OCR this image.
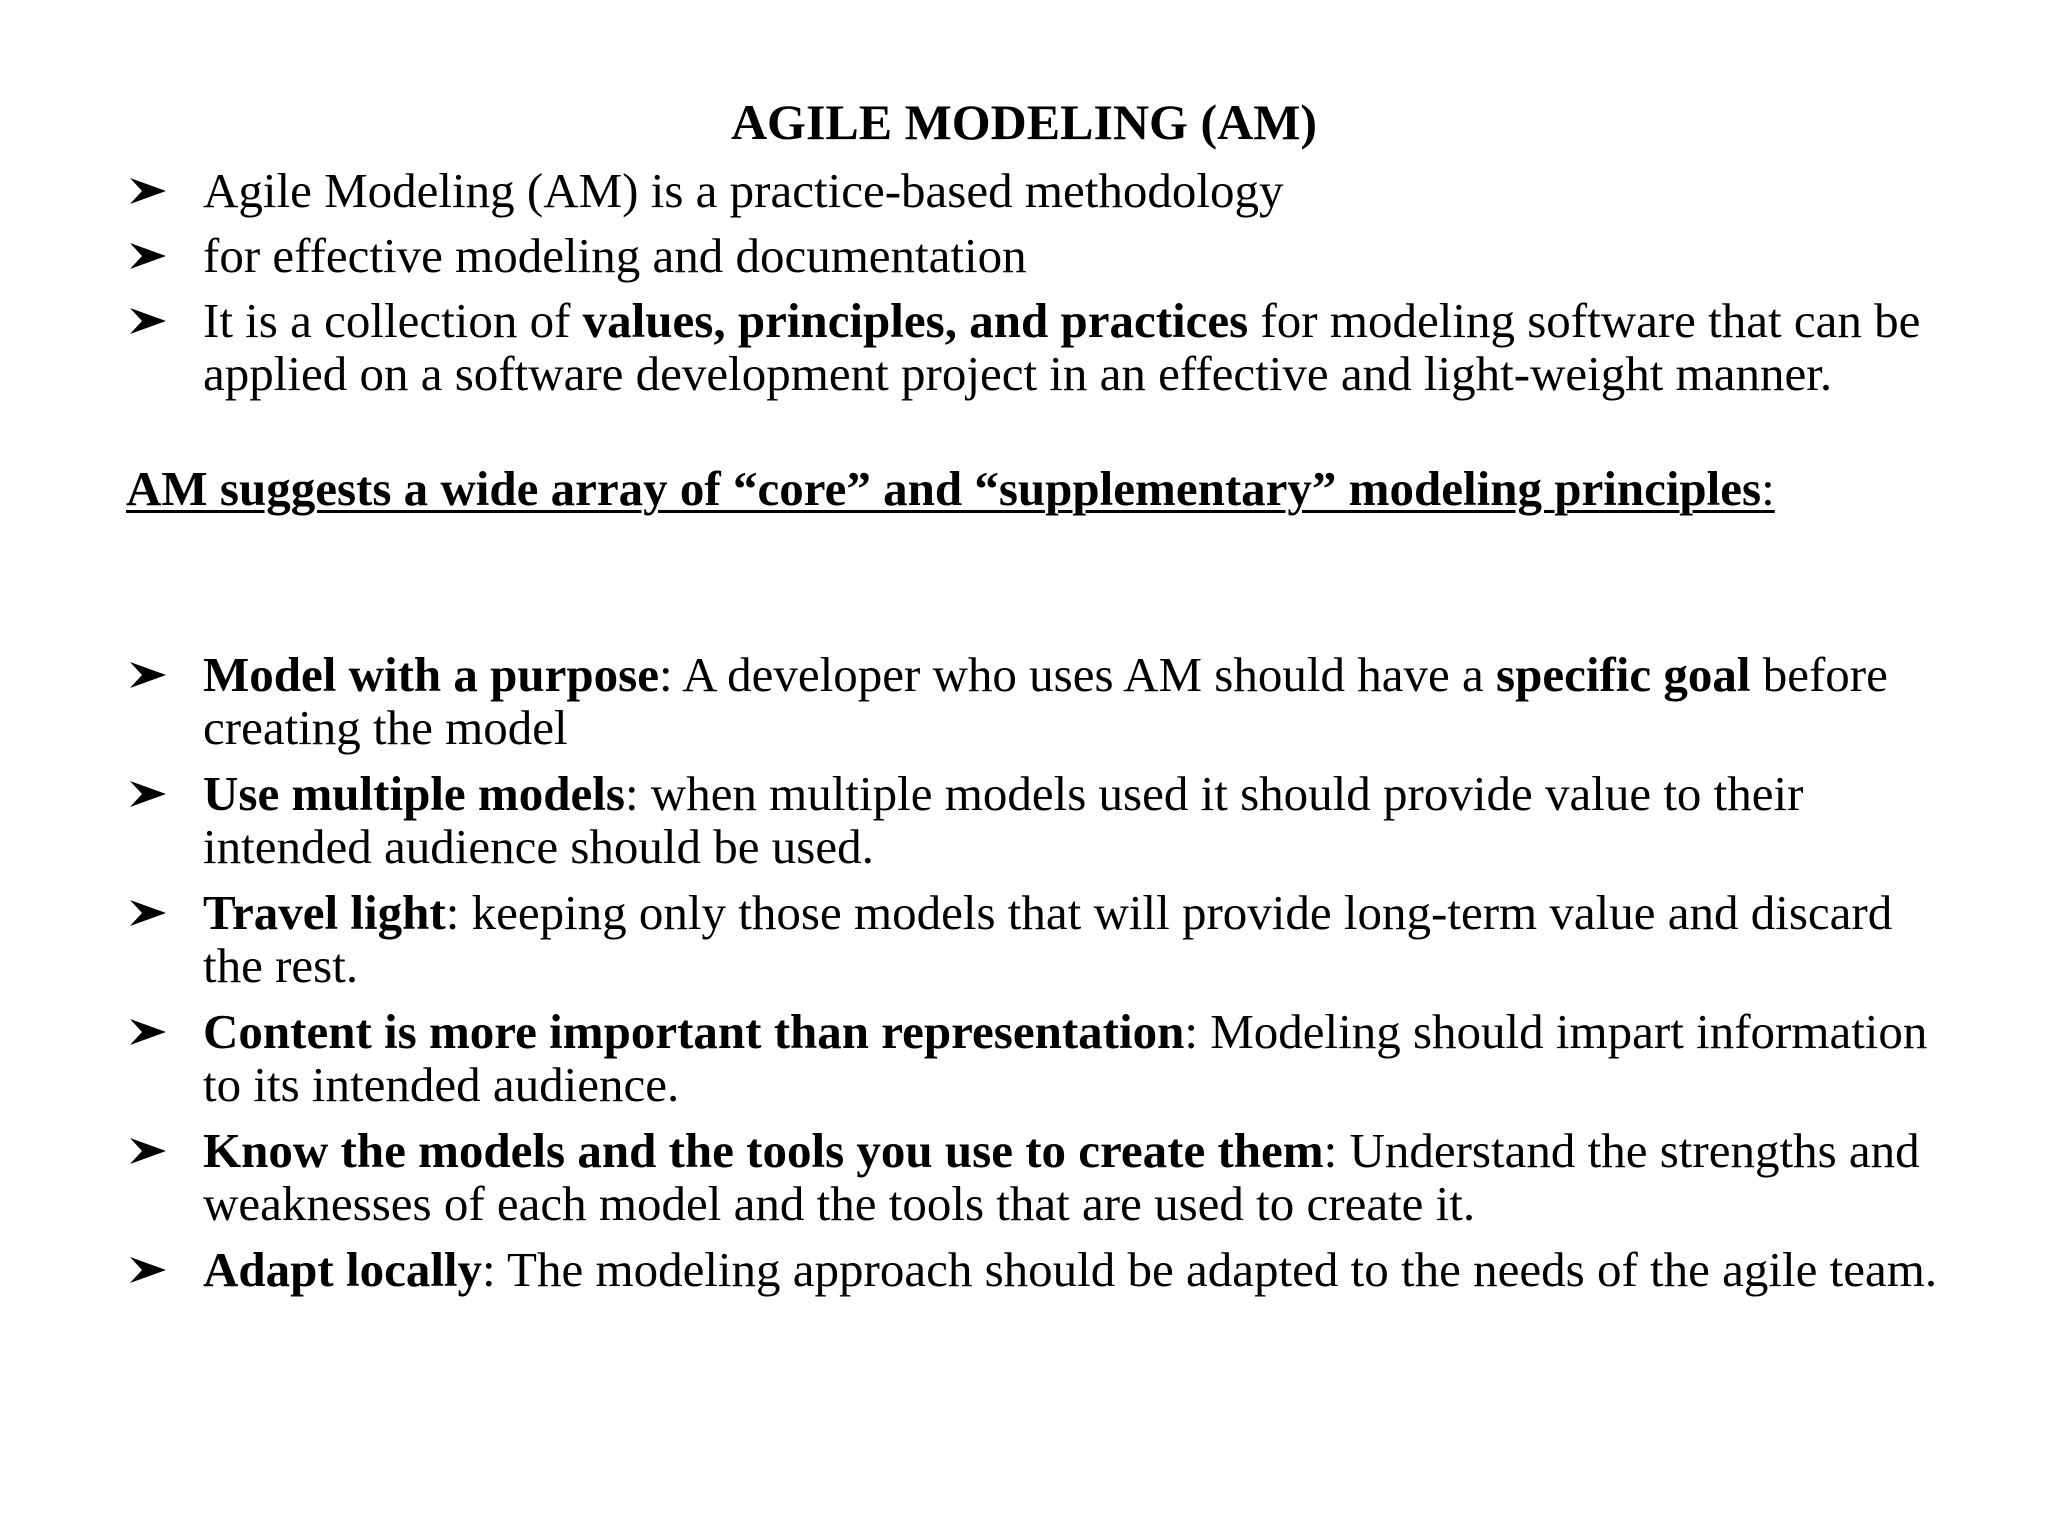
AGILE MODELING (AM)
Agile Modeling (AM) is a practice-based methodology
for effective modeling and documentation
It is a collection of values, principles, and practices for modeling software that can be applied on a software development project in an effective and light-weight manner.
AM suggests a wide array of “core” and “supplementary” modeling principles:
Model with a purpose: A developer who uses AM should have a specific goal before creating the model
Use multiple models: when multiple models used it should provide value to their intended audience should be used.
Travel light: keeping only those models that will provide long-term value and discard the rest.
Content is more important than representation: Modeling should impart information to its intended audience.
Know the models and the tools you use to create them: Understand the strengths and weaknesses of each model and the tools that are used to create it.
Adapt locally: The modeling approach should be adapted to the needs of the agile team.
